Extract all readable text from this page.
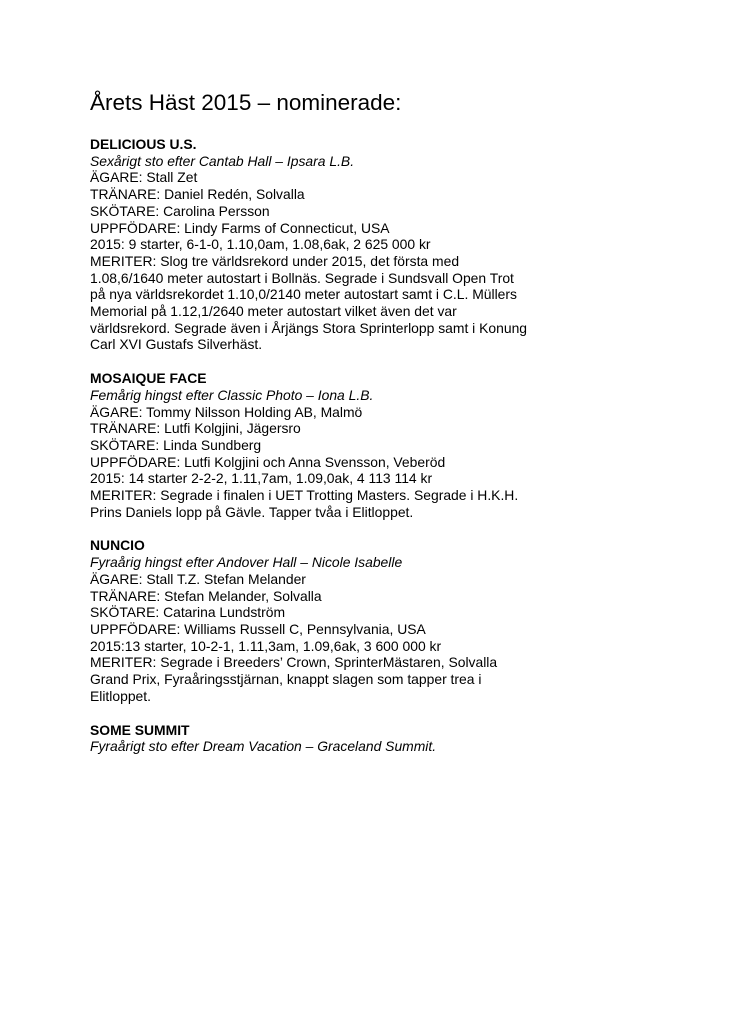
Årets Häst 2015 – nominerade:
DELICIOUS U.S.
Sexårigt sto efter Cantab Hall – Ipsara L.B.
ÄGARE: Stall Zet
TRÄNARE: Daniel Redén, Solvalla
SKÖTARE: Carolina Persson
UPPFÖDARE: Lindy Farms of Connecticut, USA
2015: 9 starter, 6-1-0, 1.10,0am, 1.08,6ak, 2 625 000 kr
MERITER: Slog tre världsrekord under 2015, det första med
1.08,6/1640 meter autostart i Bollnäs. Segrade i Sundsvall Open Trot
på nya världsrekordet 1.10,0/2140 meter autostart samt i C.L. Müllers
Memorial på 1.12,1/2640 meter autostart vilket även det var
världsrekord. Segrade även i Årjängs Stora Sprinterlopp samt i Konung
Carl XVI Gustafs Silverhäst.
MOSAIQUE FACE
Femårig hingst efter Classic Photo – Iona L.B.
ÄGARE: Tommy Nilsson Holding AB, Malmö
TRÄNARE: Lutfi Kolgjini, Jägersro
SKÖTARE: Linda Sundberg
UPPFÖDARE: Lutfi Kolgjini och Anna Svensson, Veberöd
2015: 14 starter 2-2-2, 1.11,7am, 1.09,0ak, 4 113 114 kr
MERITER: Segrade i finalen i UET Trotting Masters. Segrade i H.K.H.
Prins Daniels lopp på Gävle. Tapper tvåa i Elitloppet.
NUNCIO
Fyraårig hingst efter Andover Hall – Nicole Isabelle
ÄGARE: Stall T.Z. Stefan Melander
TRÄNARE: Stefan Melander, Solvalla
SKÖTARE: Catarina Lundström
UPPFÖDARE: Williams Russell C, Pennsylvania, USA
2015:13 starter, 10-2-1, 1.11,3am, 1.09,6ak, 3 600 000 kr
MERITER: Segrade i Breeders’ Crown, SprinterMästaren, Solvalla
Grand Prix, Fyraåringsstjärnan, knappt slagen som tapper trea i
Elitloppet.
SOME SUMMIT
Fyraårigt sto efter Dream Vacation – Graceland Summit.
